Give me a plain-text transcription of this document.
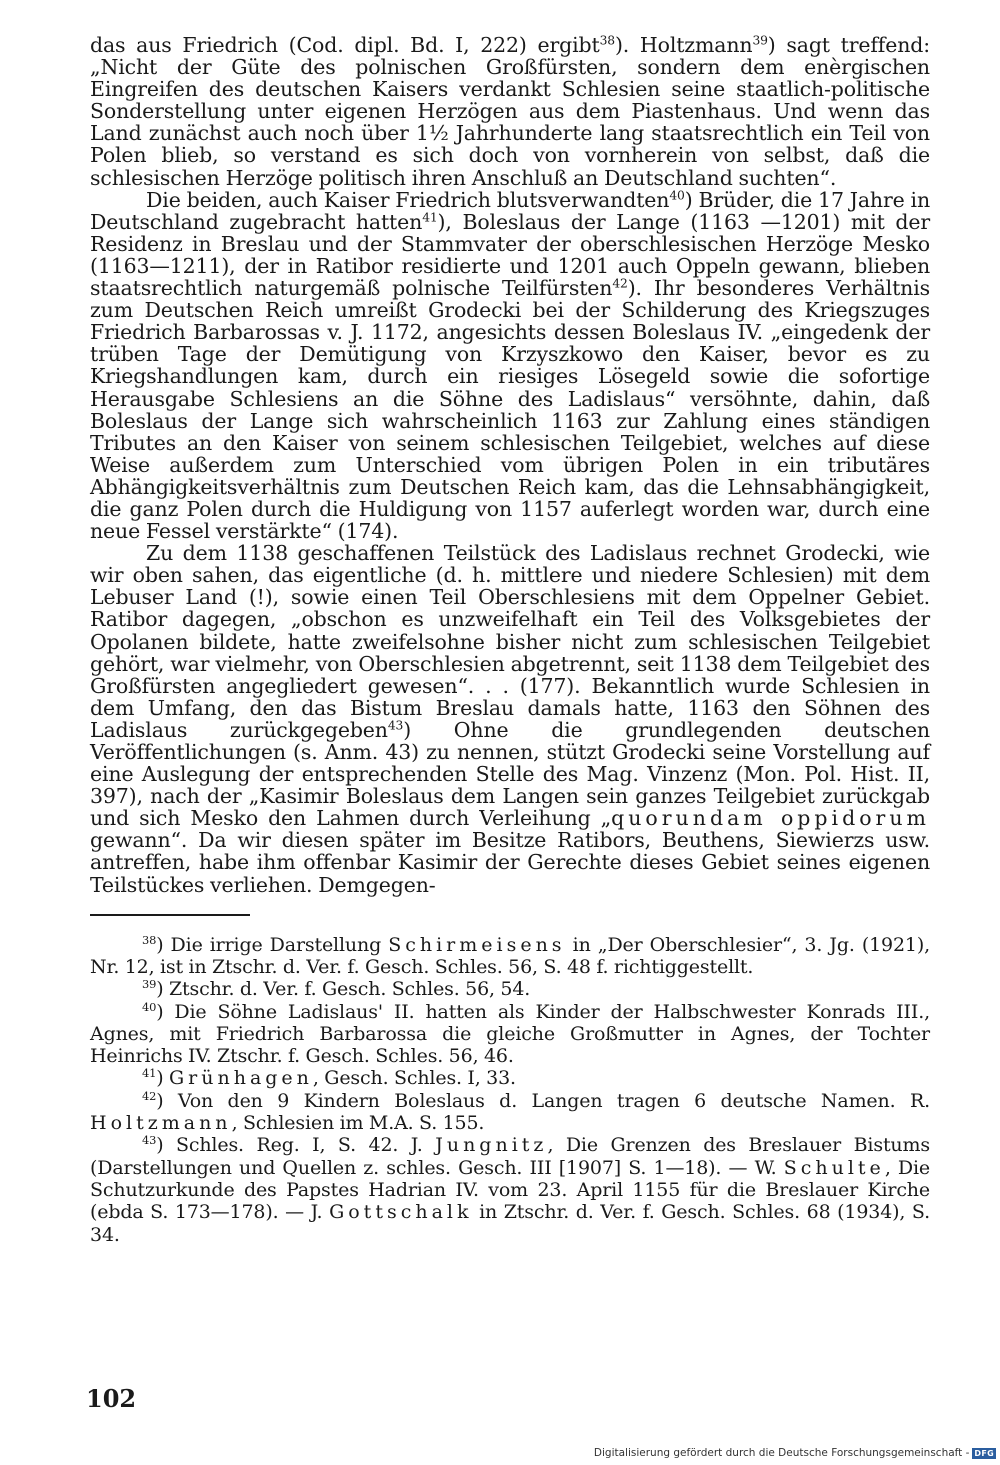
das aus Friedrich (Cod. dipl. Bd. I, 222) ergibt$^{38}$). Holtzmann$^{39}$) sagt treffend: „Nicht der Güte des polnischen Großfürsten, sondern dem enèrgischen Eingreifen des deutschen Kaisers verdankt Schlesien seine staatlich-politische Sonderstellung unter eigenen Herzögen aus dem Piastenhaus. Und wenn das Land zunächst auch noch über 1½ Jahrhunderte lang staatsrechtlich ein Teil von Polen blieb, so verstand es sich doch von vornherein von selbst, daß die schlesischen Herzöge politisch ihren Anschluß an Deutschland suchten“.

Die beiden, auch Kaiser Friedrich blutsverwandten$^{40}$) Brüder, die 17 Jahre in Deutschland zugebracht hatten$^{41}$), Boleslaus der Lange (1163 —1201) mit der Residenz in Breslau und der Stammvater der oberschlesischen Herzöge Mesko (1163—1211), der in Ratibor residierte und 1201 auch Oppeln gewann, blieben staatsrechtlich naturgemäß polnische Teilfürsten$^{42}$). Ihr besonderes Verhältnis zum Deutschen Reich umreißt Grodecki bei der Schilderung des Kriegszuges Friedrich Barbarossas v. J. 1172, angesichts dessen Boleslaus IV. „eingedenk der trüben Tage der Demütigung von Krzyszkowo den Kaiser, bevor es zu Kriegshandlungen kam, durch ein riesiges Lösegeld sowie die sofortige Herausgabe Schlesiens an die Söhne des Ladislaus“ versöhnte, dahin, daß Boleslaus der Lange sich wahrscheinlich 1163 zur Zahlung eines ständigen Tributes an den Kaiser von seinem schlesischen Teilgebiet, welches auf diese Weise außerdem zum Unterschied vom übrigen Polen in ein tributäres Abhängigkeitsverhältnis zum Deutschen Reich kam, das die Lehnsabhängigkeit, die ganz Polen durch die Huldigung von 1157 auferlegt worden war, durch eine neue Fessel verstärkte“ (174).

Zu dem 1138 geschaffenen Teilstück des Ladislaus rechnet Grodecki, wie wir oben sahen, das eigentliche (d. h. mittlere und niedere Schlesien) mit dem Lebuser Land (!), sowie einen Teil Oberschlesiens mit dem Oppelner Gebiet. Ratibor dagegen, „obschon es unzweifelhaft ein Teil des Volksgebietes der Opolanen bildete, hatte zweifelsohne bisher nicht zum schlesischen Teilgebiet gehört, war vielmehr, von Oberschlesien abgetrennt, seit 1138 dem Teilgebiet des Großfürsten angegliedert gewesen“. . . (177). Bekanntlich wurde Schlesien in dem Umfang, den das Bistum Breslau damals hatte, 1163 den Söhnen des Ladislaus zurückgegeben$^{43}$) Ohne die grundlegenden deutschen Veröffentlichungen (s. Anm. 43) zu nennen, stützt Grodecki seine Vorstellung auf eine Auslegung der entsprechenden Stelle des Mag. Vinzenz (Mon. Pol. Hist. II, 397), nach der „Kasimir Boleslaus dem Langen sein ganzes Teilgebiet zurückgab und sich Mesko den Lahmen durch Verleihung „quorundam oppidorum gewann“. Da wir diesen später im Besitze Ratibors, Beuthens, Siewierzs usw. antreffen, habe ihm offenbar Kasimir der Gerechte dieses Gebiet seines eigenen Teilstückes verliehen. Demgegen-

$^{38}$) Die irrige Darstellung Schirmeisens in „Der Oberschlesier“, 3. Jg. (1921), Nr. 12, ist in Ztschr. d. Ver. f. Gesch. Schles. 56, S. 48 f. richtiggestellt.

$^{39}$) Ztschr. d. Ver. f. Gesch. Schles. 56, 54.

$^{40}$) Die Söhne Ladislaus' II. hatten als Kinder der Halbschwester Konrads III., Agnes, mit Friedrich Barbarossa die gleiche Großmutter in Agnes, der Tochter Heinrichs IV. Ztschr. f. Gesch. Schles. 56, 46.

$^{41}$) Grünhagen, Gesch. Schles. I, 33.

$^{42}$) Von den 9 Kindern Boleslaus d. Langen tragen 6 deutsche Namen. R. Holtzmann, Schlesien im M.A. S. 155.

$^{43}$) Schles. Reg. I, S. 42. J. Jungnitz, Die Grenzen des Breslauer Bistums (Darstellungen und Quellen z. schles. Gesch. III [1907] S. 1—18). — W. Schulte, Die Schutzurkunde des Papstes Hadrian IV. vom 23. April 1155 für die Breslauer Kirche (ebda S. 173—178). — J. Gottschalk in Ztschr. d. Ver. f. Gesch. Schles. 68 (1934), S. 34.

102
Digitalisierung gefördert durch die Deutsche Forschungsgemeinschaft - DFG
